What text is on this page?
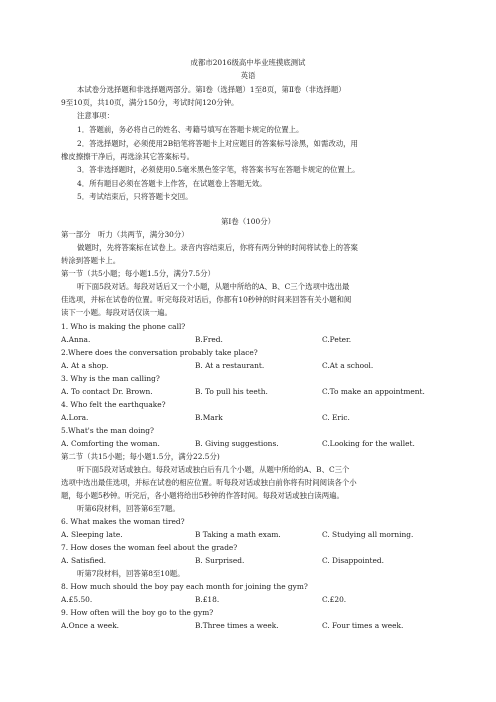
成都市2016级高中毕业班摸底测试
英语
本试卷分选择题和非选择题两部分。第Ⅰ卷（选择题）1至8页，第Ⅱ卷（非选择题）
9至10页，共10页，满分150分，考试时间120分钟。
注意事项：
1．答题前，务必将自己的姓名、考籍号填写在答题卡规定的位置上。
2．答选择题时，必须使用2B铅笔将答题卡上对应题目的答案标号涂黑，如需改动，用
橡皮擦擦干净后，再选涂其它答案标号。
3．答非选择题时，必须使用0.5毫米黑色签字笔，将答案书写在答题卡规定的位置上。
4．所有题目必须在答题卡上作答，在试题卷上答题无效。
5．考试结束后，只将答题卡交回。
第Ⅰ卷（100分）
第一部分　听力（共两节，满分30分）
做题时，先将答案标在试卷上。录音内容结束后，你将有两分钟的时间将试卷上的答案
转涂到答题卡上。
第一节（共5小题；每小题1.5分，满分7.5分）
听下面5段对话。每段对话后又一个小题，从题中所给的A、B、C三个选项中选出最
佳选项，并标在试卷的位置。听完每段对话后，你都有10秒钟的时间来回答有关小题和阅
读下一小题。每段对话仅读一遍。
1. Who is making the phone call?
A.Anna.	B.Fred.	C.Peter.
2.Where does the conversation probably take place?
A. At a shop.	B. At a restaurant.	C.At a school.
3. Why is the man calling?
A. To contact Dr. Brown.	B. To pull his teeth.	C.To make an appointment.
4. Who felt the earthquake?
A.Lora.	B.Mark	C. Eric.
5.What's the man doing?
A. Comforting the woman.	B. Giving suggestions.	C.Looking for the wallet.
第二节（共15小题；每小题1.5分，满分22.5分)
听下面5段对话或独白。每段对话或独白后有几个小题，从题中所给的A、B、C三个
选项中选出最佳选项，并标在试卷的相应位置。听每段对话或独白前你将有时间阅读各个小
题，每小题5秒钟。听完后，各小题将给出5秒钟的作答时间。每段对话或独白读两遍。
听第6段材料，回答第6至7题。
6. What makes the woman tired?
A. Sleeping late.	B Taking a math exam.	C. Studying all morning.
7. How doses the woman feel about the grade?
A. Satisfied.	B. Surprised.	C. Disappointed.
听第7段材料，回答第8至10题。
8. How much should the boy pay each month for joining the gym?
A.£5.50.	B.£18.	C.£20.
9. How often will the boy go to the gym?
A.Once a week.	B.Three times a week.	C. Four times a week.
